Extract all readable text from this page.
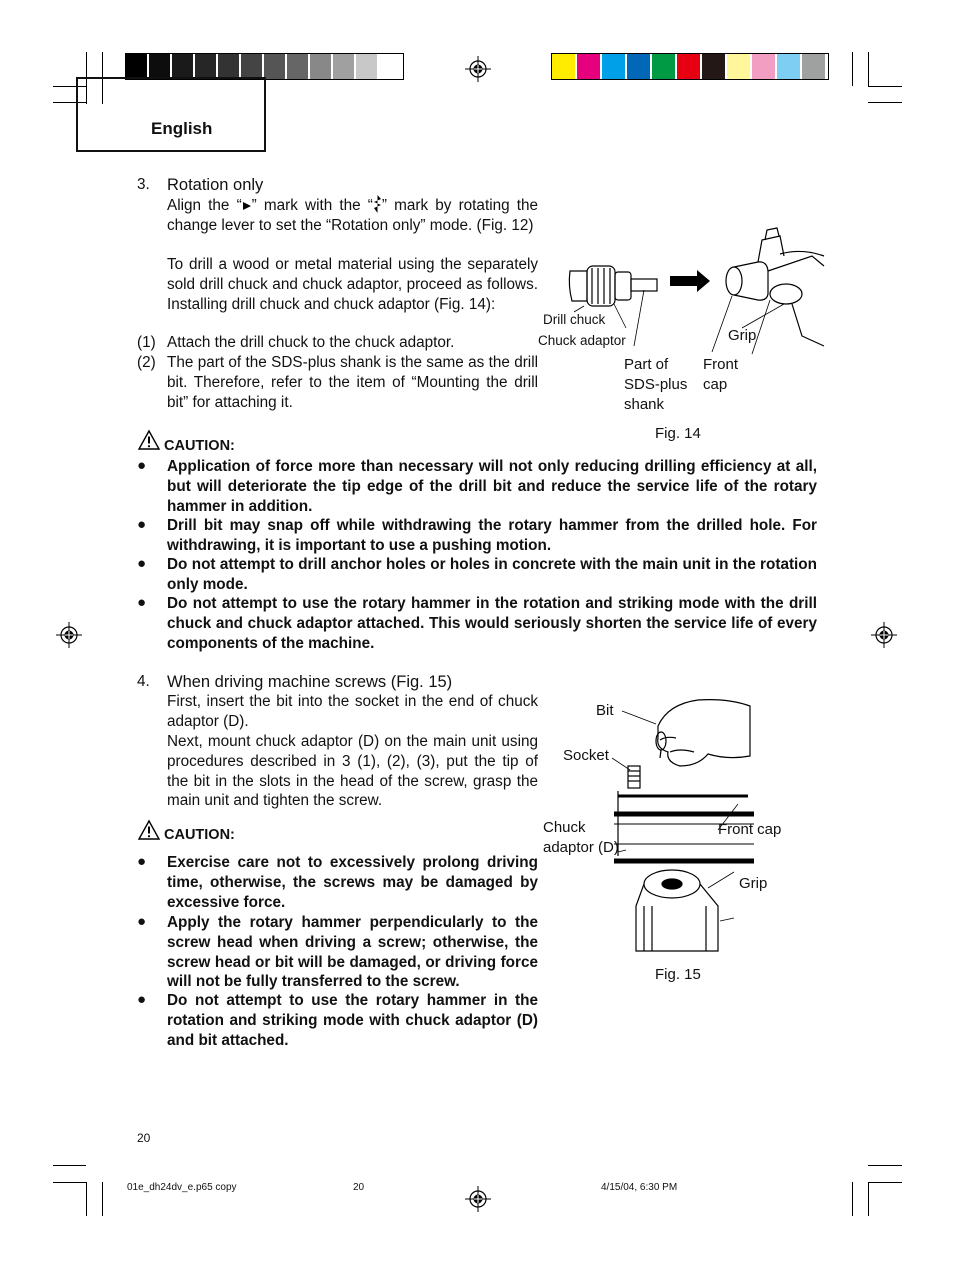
English
3. Rotation only
Align the “ ” mark with the “ ” mark by rotating the change lever to set the “Rotation only” mode. (Fig. 12)
To drill a wood or metal material using the separately sold drill chuck and chuck adaptor, proceed as follows. Installing drill chuck and chuck adaptor (Fig. 14):
(1) Attach the drill chuck to the chuck adaptor.
(2) The part of the SDS-plus shank is the same as the drill bit. Therefore, refer to the item of “Mounting the drill bit” for attaching it.
Drill chuck
Chuck adaptor	Grip
Part of
SDS-plus
shank
Front
cap
Fig. 14
CAUTION:
● Application of force more than necessary will not only reducing drilling efficiency at all, but will deteriorate the tip edge of the drill bit and reduce the service life of the rotary hammer in addition.
● Drill bit may snap off while withdrawing the rotary hammer from the drilled hole. For withdrawing, it is important to use a pushing motion.
● Do not attempt to drill anchor holes or holes in concrete with the main unit in the rotation only mode.
● Do not attempt to use the rotary hammer in the rotation and striking mode with the drill chuck and chuck adaptor attached. This would seriously shorten the service life of every components of the machine.
4. When driving machine screws (Fig. 15)
First, insert the bit into the socket in the end of chuck adaptor (D).
Next, mount chuck adaptor (D) on the main unit using procedures described in 3 (1), (2), (3), put the tip of the bit in the slots in the head of the screw, grasp the main unit and tighten the screw.
Bit
Socket
Chuck
adaptor (D)
Front cap
Grip
Fig. 15
CAUTION:
● Exercise care not to excessively prolong driving time, otherwise, the screws may be damaged by excessive force.
● Apply the rotary hammer perpendicularly to the screw head when driving a screw; otherwise, the screw head or bit will be damaged, or driving force will not be fully transferred to the screw.
● Do not attempt to use the rotary hammer in the rotation and striking mode with chuck adaptor (D) and bit attached.
20
01e_dh24dv_e.p65 copy	20	4/15/04, 6:30 PM
